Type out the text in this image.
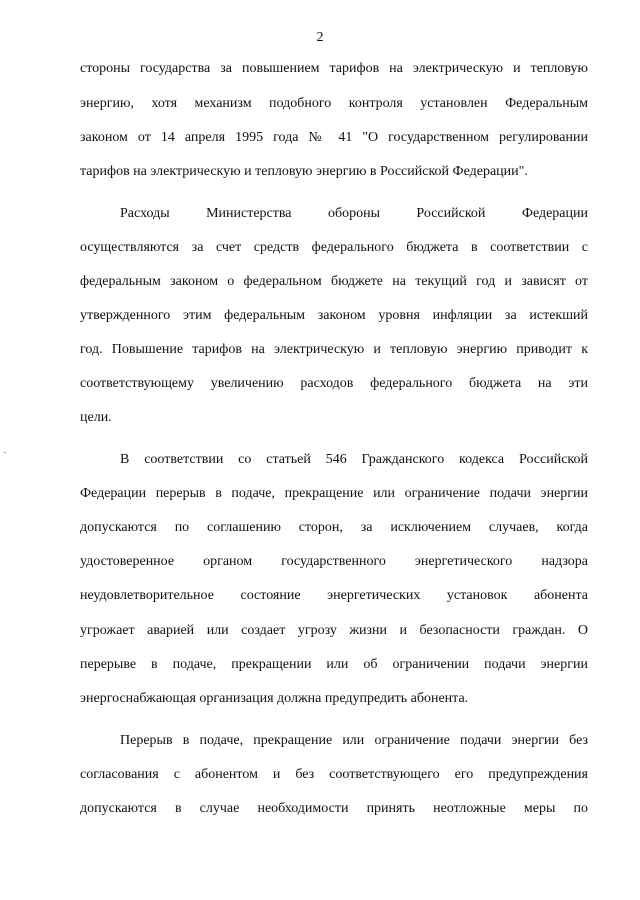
2
стороны государства за повышением тарифов на электрическую и тепловую
энергию, хотя механизм подобного контроля установлен Федеральным
законом от 14 апреля 1995 года № 41 "О государственном регулировании
тарифов на электрическую и тепловую энергию в Российской Федерации".
Расходы Министерства обороны Российской Федерации
осуществляются за счет средств федерального бюджета в соответствии с
федеральным законом о федеральном бюджете на текущий год и зависят от
утвержденного этим федеральным законом уровня инфляции за истекший
год. Повышение тарифов на электрическую и тепловую энергию приводит к
соответствующему увеличению расходов федерального бюджета на эти
цели.
В соответствии со статьей 546 Гражданского кодекса Российской
Федерации перерыв в подаче, прекращение или ограничение подачи энергии
допускаются по соглашению сторон, за исключением случаев, когда
удостоверенное органом государственного энергетического надзора
неудовлетворительное состояние энергетических установок абонента
угрожает аварией или создает угрозу жизни и безопасности граждан. О
перерыве в подаче, прекращении или об ограничении подачи энергии
энергоснабжающая организация должна предупредить абонента.
Перерыв в подаче, прекращение или ограничение подачи энергии без
согласования с абонентом и без соответствующего его предупреждения
допускаются в случае необходимости принять неотложные меры по
